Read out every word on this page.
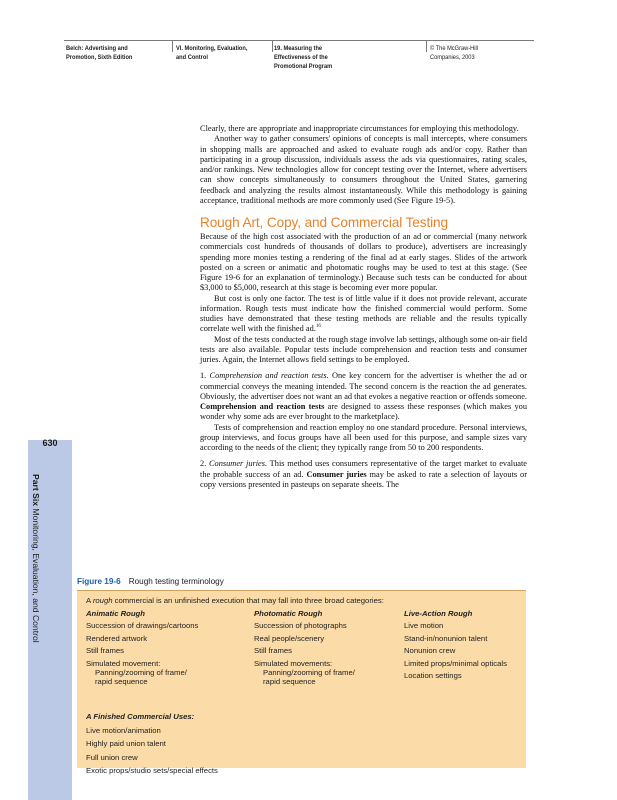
Belch: Advertising and
Promotion, Sixth Edition
VI. Monitoring, Evaluation,
and Control
19. Measuring the
Effectiveness of the
Promotional Program
© The McGraw-Hill
Companies, 2003
630
Part Six Monitoring, Evaluation, and Control

Clearly, there are appropriate and inappropriate circumstances for employing this methodology.

Another way to gather consumers' opinions of concepts is mall intercepts, where consumers in shopping malls are approached and asked to evaluate rough ads and/or copy. Rather than participating in a group discussion, individuals assess the ads via questionnaires, rating scales, and/or rankings. New technologies allow for concept testing over the Internet, where advertisers can show concepts simultaneously to consumers throughout the United States, garnering feedback and analyzing the results almost instantaneously. While this methodology is gaining acceptance, traditional methods are more commonly used (See Figure 19-5).

Rough Art, Copy, and Commercial Testing

Because of the high cost associated with the production of an ad or commercial (many network commercials cost hundreds of thousands of dollars to produce), advertisers are increasingly spending more monies testing a rendering of the final ad at early stages. Slides of the artwork posted on a screen or animatic and photomatic roughs may be used to test at this stage. (See Figure 19-6 for an explanation of terminology.) Because such tests can be conducted for about $3,000 to $5,000, research at this stage is becoming ever more popular.

But cost is only one factor. The test is of little value if it does not provide relevant, accurate information. Rough tests must indicate how the finished commercial would perform. Some studies have demonstrated that these testing methods are reliable and the results typically correlate well with the finished ad.$^{16}$

Most of the tests conducted at the rough stage involve lab settings, although some on-air field tests are also available. Popular tests include comprehension and reaction tests and consumer juries. Again, the Internet allows field settings to be employed.

1. Comprehension and reaction tests. One key concern for the advertiser is whether the ad or commercial conveys the meaning intended. The second concern is the reaction the ad generates. Obviously, the advertiser does not want an ad that evokes a negative reaction or offends someone. Comprehension and reaction tests are designed to assess these responses (which makes you wonder why some ads are ever brought to the marketplace).

Tests of comprehension and reaction employ no one standard procedure. Personal interviews, group interviews, and focus groups have all been used for this purpose, and sample sizes vary according to the needs of the client; they typically range from 50 to 200 respondents.

2. Consumer juries. This method uses consumers representative of the target market to evaluate the probable success of an ad. Consumer juries may be asked to rate a selection of layouts or copy versions presented in pasteups on separate sheets. The

Figure 19-6 Rough testing terminology
A rough commercial is an unfinished execution that may fall into three broad categories:
Animatic Rough
Succession of drawings/cartoons
Rendered artwork
Still frames
Simulated movement:
Panning/zooming of frame/
rapid sequence
Photomatic Rough
Succession of photographs
Real people/scenery
Still frames
Simulated movements:
Panning/zooming of frame/
rapid sequence
Live-Action Rough
Live motion
Stand-in/nonunion talent
Nonunion crew
Limited props/minimal opticals
Location settings
A Finished Commercial Uses:
Live motion/animation
Highly paid union talent
Full union crew
Exotic props/studio sets/special effects
